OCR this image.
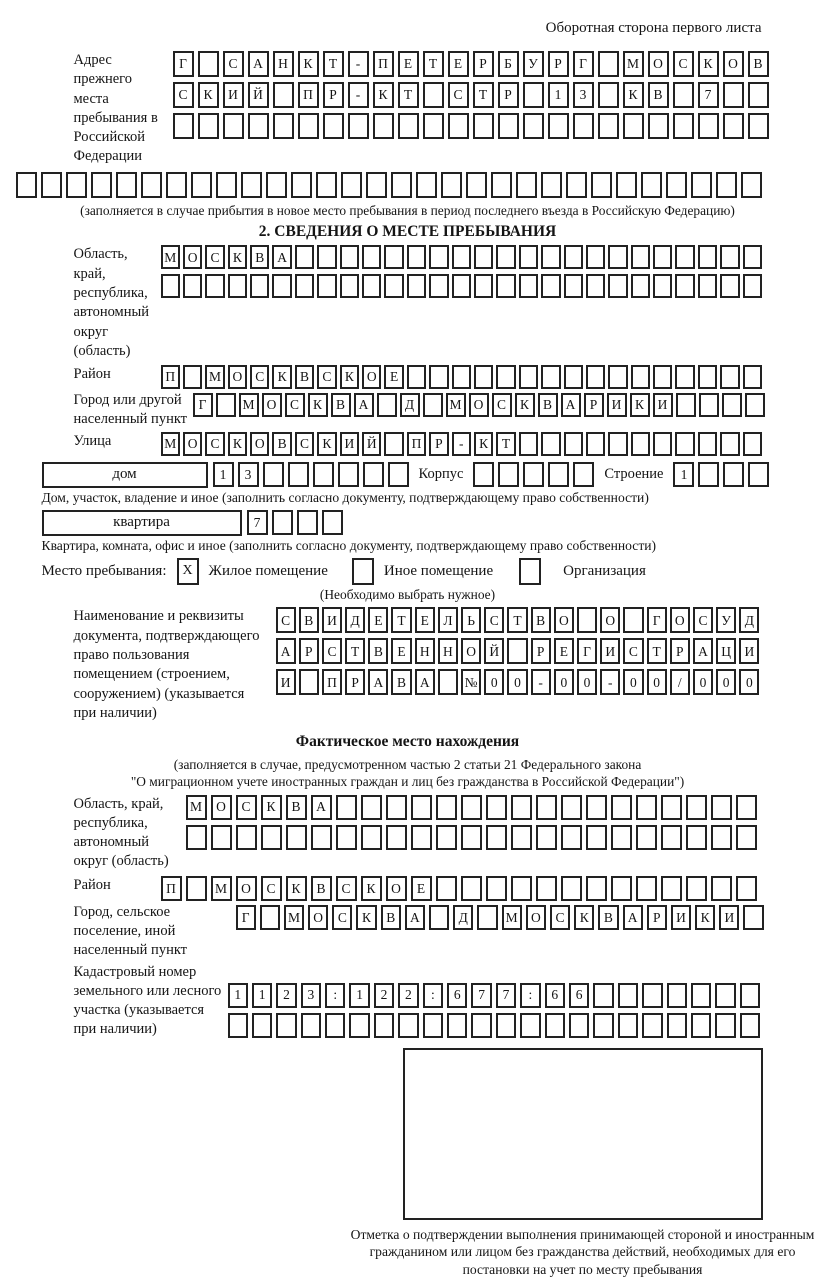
Оборотная сторона первого листа
Адрес прежнего места пребывания в Российской Федерации
Г	С	А	Н	К	Т	-	П	Е	Т	Е	Р	Б	У	Р	Г	М	О	С	К	О	В
С	К	И	Й	П	Р	-	К	Т	С	Т	Р	1	3	К	В	7
(заполняется в случае прибытия в новое место пребывания в период последнего въезда в Российскую Федерацию)
2. СВЕДЕНИЯ О МЕСТЕ ПРЕБЫВАНИЯ
Область, край, республика, автономный округ (область)
М О С К В А
Район	П	М О С К В С К О Е
Город или другой населенный пункт
Г	М О	С	К	В	А	Д	М О	С	К	В	А	Р	И	К	И
Улица	М О С К О В С К И Й	П	Р	-	К	Т
дом	1	3	Корпус	Строение	1
Дом, участок, владение и иное (заполнить согласно документу, подтверждающему право собственности)
квартира	7
Квартира, комната, офис и иное (заполнить согласно документу, подтверждающему право собственности)
Место пребывания:	X	Жилое помещение	Иное помещение	Организация
(Необходимо выбрать нужное)
Наименование и реквизиты документа, подтверждающего право пользования помещением (строением, сооружением) (указывается при наличии)
С	В	И	Д	Е	Т	Е	Л	Ь	С	Т	В	О	О	Г	О	С	У	Д
А	Р	С	Т	В	Е	Н Н О Й	Р	Е	Г	И	С	Т	Р	А Ц И
И	П	Р	А	В	А	№ 0	0	-	0	0	-	0	0	/	0	0	0
Фактическое место нахождения
(заполняется в случае, предусмотренном частью 2 статьи 21 Федерального закона
"О миграционном учете иностранных граждан и лиц без гражданства в Российской Федерации")
Область, край, республика, автономный округ (область)
М	О	С	К	В	А
Район	П	М	О	С	К	В	С	К	О	Е
Город, сельское поселение, иной населенный пункт
Г	М О	С	К	В	А	Д	М О	С	К	В	А	Р	И	К	И
Кадастровый номер земельного или лесного участка (указывается при наличии)
1	1	2	3	:	1	2	2	:	6	7	7	:	6	6
Отметка о подтверждении выполнения принимающей стороной и иностранным гражданином или лицом без гражданства действий, необходимых для его постановки на учет по месту пребывания
